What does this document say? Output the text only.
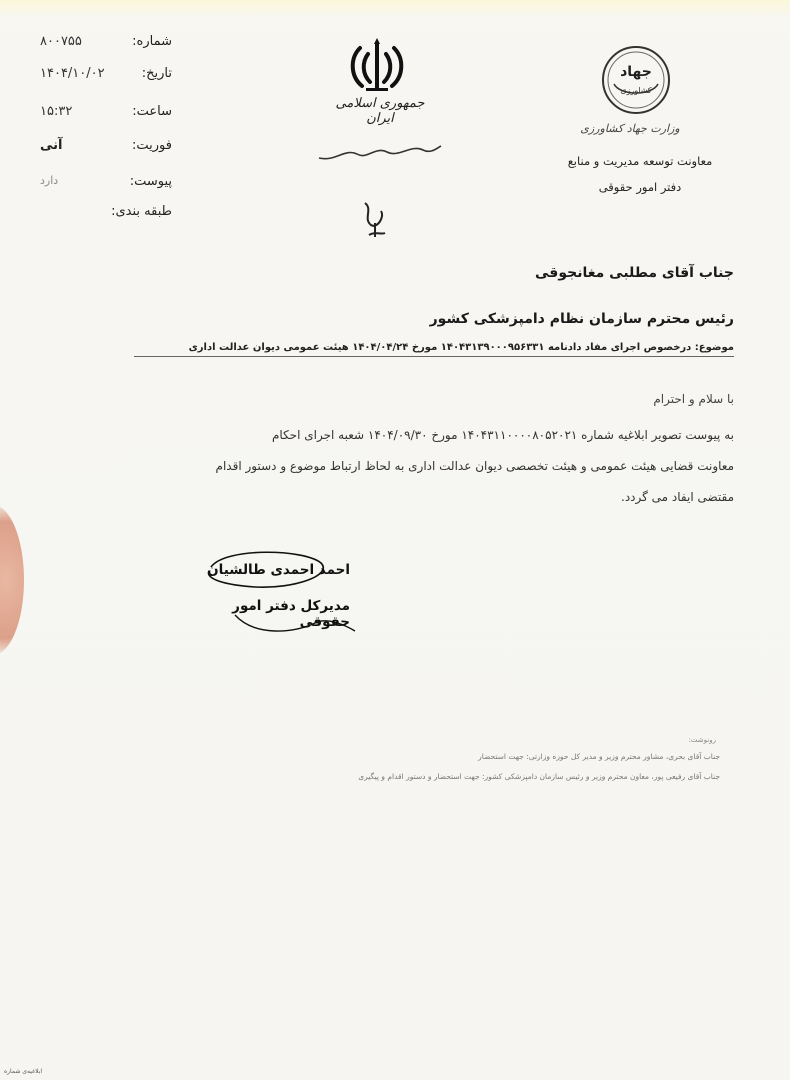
شماره:
۸۰۰۷۵۵
تاریخ:
۱۴۰۴/۱۰/۰۲
ساعت:
۱۵:۳۲
فوریت:
آنی
پیوست:
دارد
طبقه بندی:
جمهوری اسلامی ایران
جهاد
کشاورزی
وزارت جهاد کشاورزی
معاونت توسعه مدیریت و منابع
دفتر امور حقوقی
جناب آقای مطلبی مغانجوقی
رئیس محترم سازمان نظام دامپزشکی کشور
موضوع: درخصوص اجرای مفاد دادنامه ۱۴۰۴۳۱۳۹۰۰۰۹۵۶۳۳۱ مورخ ۱۴۰۴/۰۴/۲۴ هیئت عمومی دیوان عدالت اداری
با سلام و احترام
به پیوست تصویر ابلاغیه شماره ۱۴۰۴۳۱۱۰۰۰۰۸۰۵۲۰۲۱ مورخ ۱۴۰۴/۰۹/۳۰ شعبه اجرای احکام
معاونت قضایی هیئت عمومی و هیئت تخصصی دیوان عدالت اداری به لحاظ ارتباط موضوع و دستور اقدام
مقتضی ایفاد می گردد.
احمد احمدی طالشیان
مدیرکل دفتر امور حقوقی
رونوشت:
جناب آقای بحری، مشاور محترم وزیر و مدیر کل حوزه وزارتی: جهت استحضار
جناب آقای رفیعی پور، معاون محترم وزیر و رئیس سازمان دامپزشکی کشور: جهت استحضار و دستور اقدام و پیگیری
ابلاغیه‌ی شماره
